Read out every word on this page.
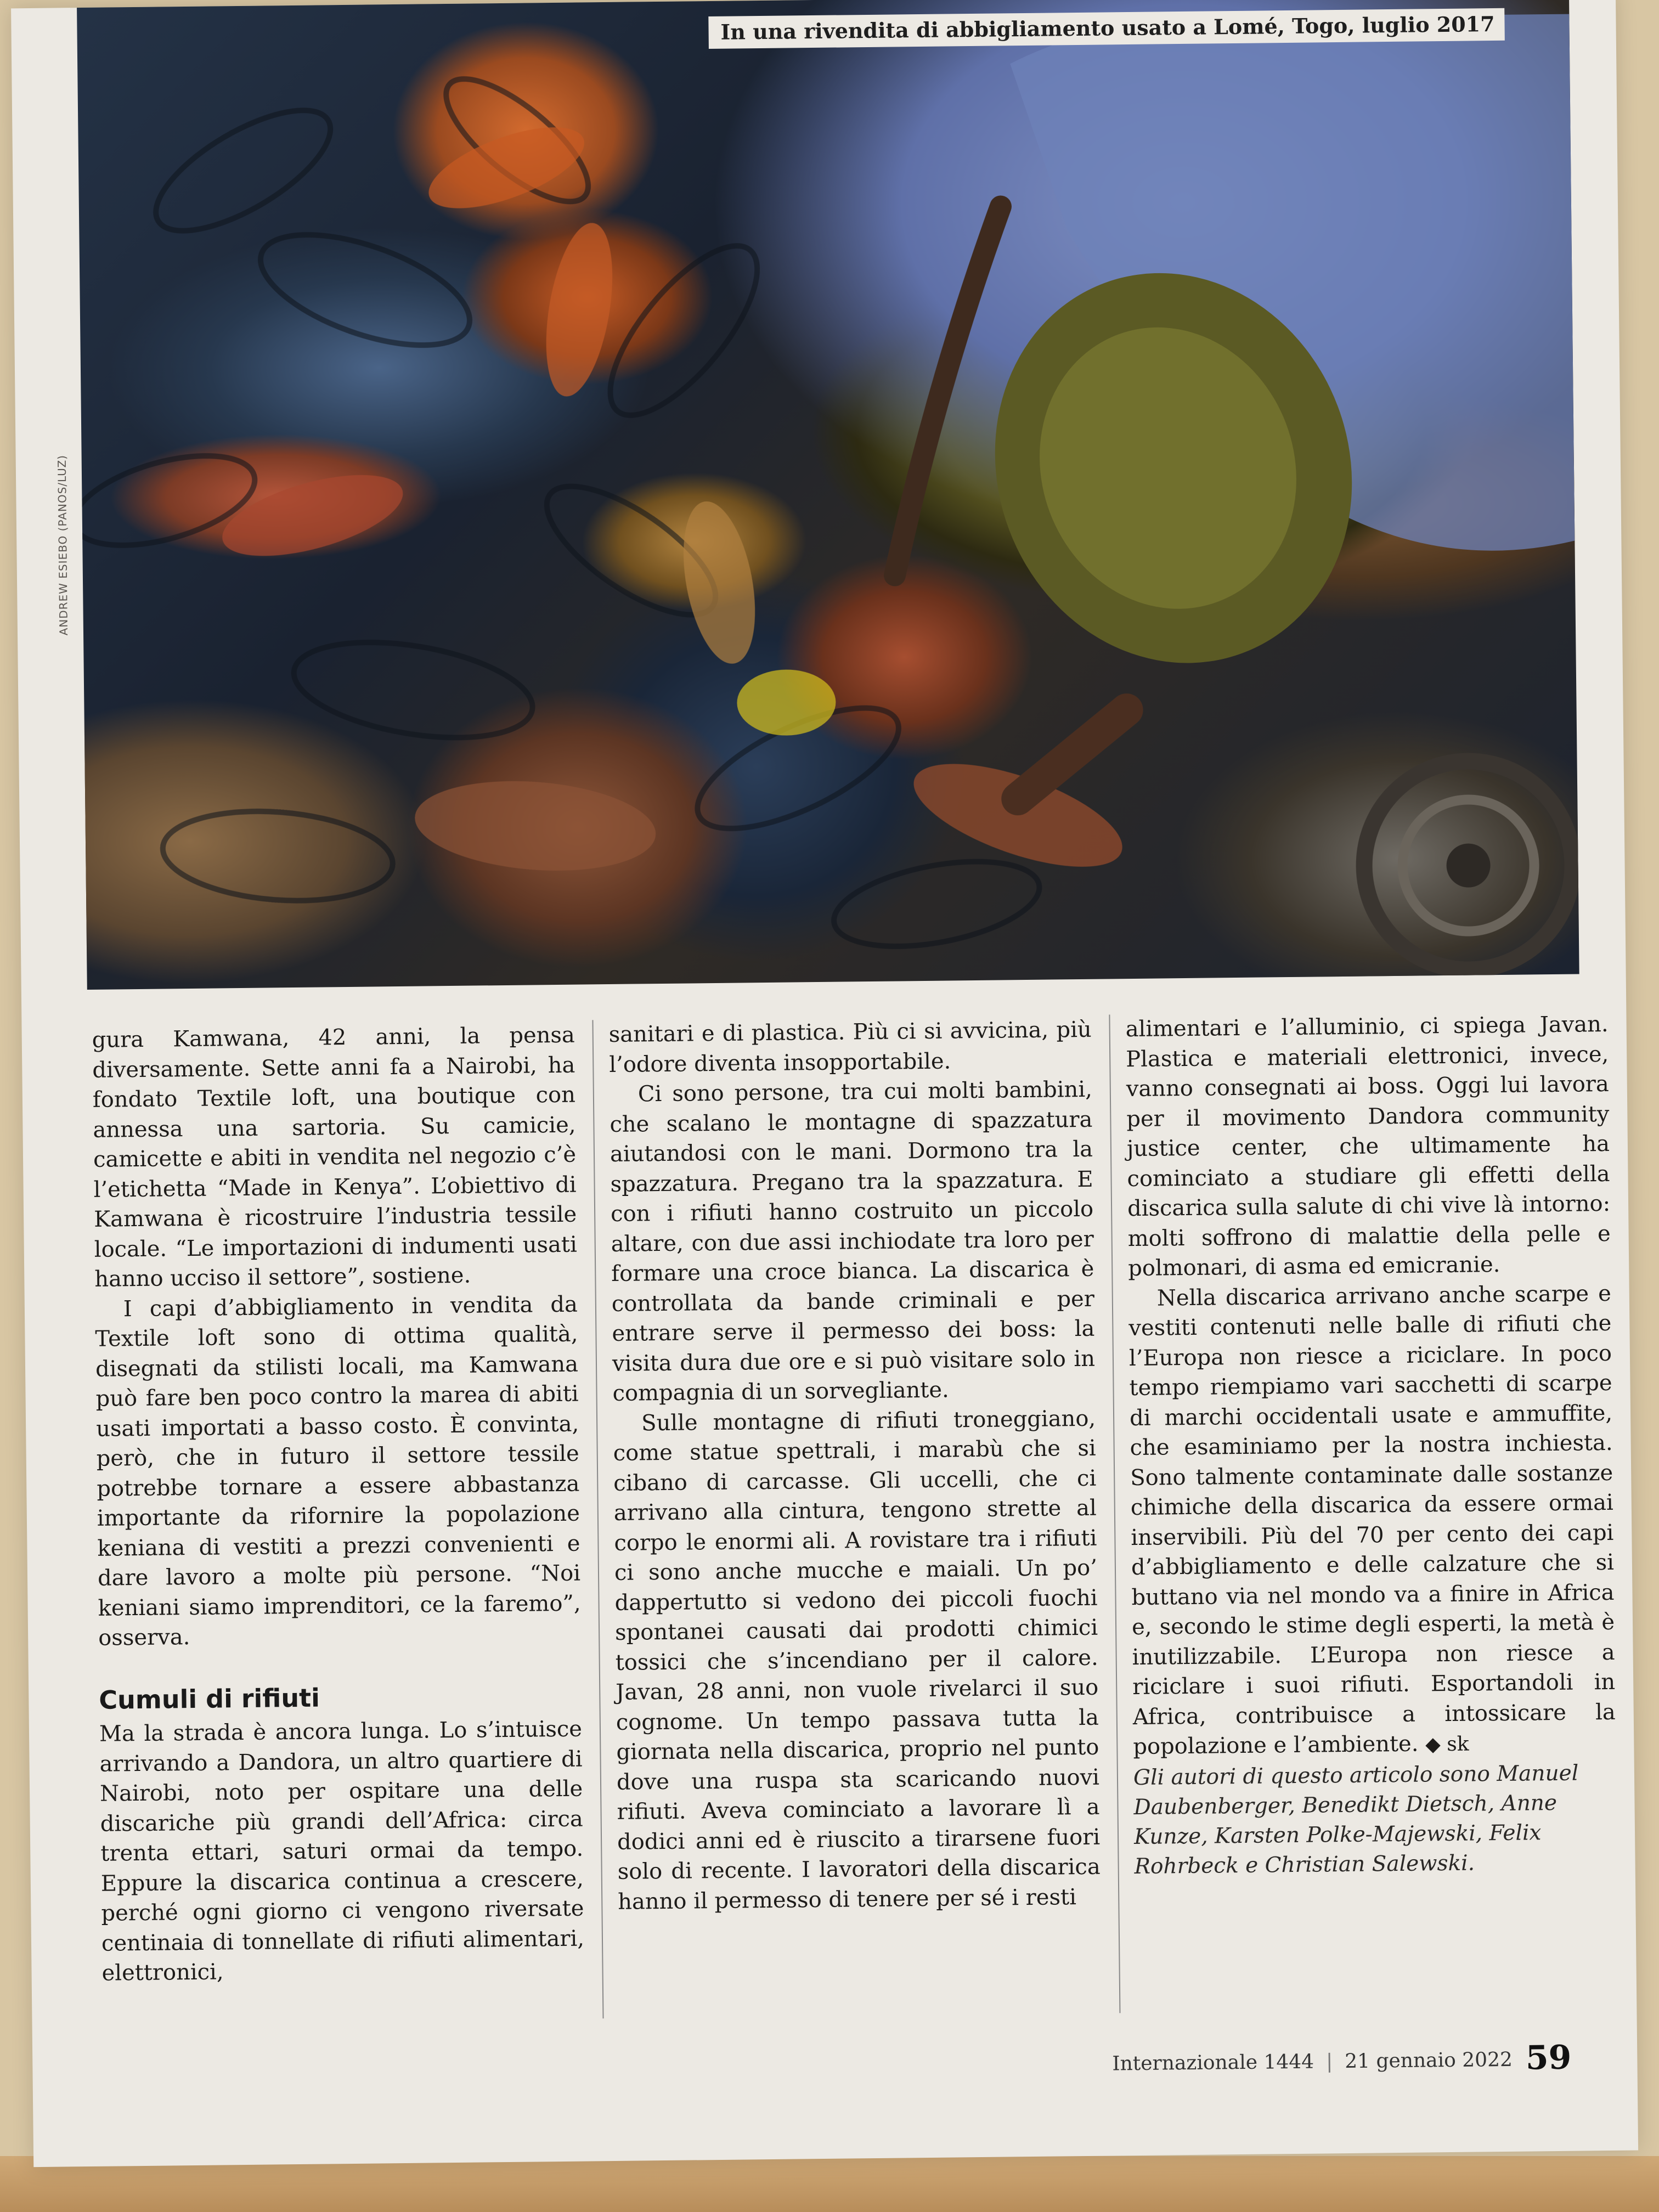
In una rivendita di abbigliamento usato a Lomé, Togo, luglio 2017
ANDREW ESIEBO (PANOS/LUZ)

gura Kamwana, 42 anni, la pensa diversamente. Sette anni fa a Nairobi, ha fondato Textile loft, una boutique con annessa una sartoria. Su camicie, camicette e abiti in vendita nel negozio c’è l’etichetta “Made in Kenya”. L’obiettivo di Kamwana è ricostruire l’industria tessile locale. “Le importazioni di indumenti usati hanno ucciso il settore”, sostiene.

I capi d’abbigliamento in vendita da Textile loft sono di ottima qualità, disegnati da stilisti locali, ma Kamwana può fare ben poco contro la marea di abiti usati importati a basso costo. È convinta, però, che in futuro il settore tessile potrebbe tornare a essere abbastanza importante da rifornire la popolazione keniana di vestiti a prezzi convenienti e dare lavoro a molte più persone. “Noi keniani siamo imprenditori, ce la faremo”, osserva.

Cumuli di rifiuti

Ma la strada è ancora lunga. Lo s’intuisce arrivando a Dandora, un altro quartiere di Nairobi, noto per ospitare una delle discariche più grandi dell’Africa: circa trenta ettari, saturi ormai da tempo. Eppure la discarica continua a crescere, perché ogni giorno ci vengono riversate centinaia di tonnellate di rifiuti alimentari, elettronici,

sanitari e di plastica. Più ci si avvicina, più l’odore diventa insopportabile.

Ci sono persone, tra cui molti bambini, che scalano le montagne di spazzatura aiutandosi con le mani. Dormono tra la spazzatura. Pregano tra la spazzatura. E con i rifiuti hanno costruito un piccolo altare, con due assi inchiodate tra loro per formare una croce bianca. La discarica è controllata da bande criminali e per entrare serve il permesso dei boss: la visita dura due ore e si può visitare solo in compagnia di un sorvegliante.

Sulle montagne di rifiuti troneggiano, come statue spettrali, i marabù che si cibano di carcasse. Gli uccelli, che ci arrivano alla cintura, tengono strette al corpo le enormi ali. A rovistare tra i rifiuti ci sono anche mucche e maiali. Un po’ dappertutto si vedono dei piccoli fuochi spontanei causati dai prodotti chimici tossici che s’incendiano per il calore. Javan, 28 anni, non vuole rivelarci il suo cognome. Un tempo passava tutta la giornata nella discarica, proprio nel punto dove una ruspa sta scaricando nuovi rifiuti. Aveva cominciato a lavorare lì a dodici anni ed è riuscito a tirarsene fuori solo di recente. I lavoratori della discarica hanno il permesso di tenere per sé i resti

alimentari e l’alluminio, ci spiega Javan. Plastica e materiali elettronici, invece, vanno consegnati ai boss. Oggi lui lavora per il movimento Dandora community justice center, che ultimamente ha cominciato a studiare gli effetti della discarica sulla salute di chi vive là intorno: molti soffrono di malattie della pelle e polmonari, di asma ed emicranie.

Nella discarica arrivano anche scarpe e vestiti contenuti nelle balle di rifiuti che l’Europa non riesce a riciclare. In poco tempo riempiamo vari sacchetti di scarpe di marchi occidentali usate e ammuffite, che esaminiamo per la nostra inchiesta. Sono talmente contaminate dalle sostanze chimiche della discarica da essere ormai inservibili. Più del 70 per cento dei capi d’abbigliamento e delle calzature che si buttano via nel mondo va a finire in Africa e, secondo le stime degli esperti, la metà è inutilizzabile. L’Europa non riesce a riciclare i suoi rifiuti. Esportandoli in Africa, contribuisce a intossicare la popolazione e l’ambiente. ◆ sk

Gli autori di questo articolo sono Manuel Daubenberger, Benedikt Dietsch, Anne Kunze, Karsten Polke-Majewski, Felix Rohrbeck e Christian Salewski.

Internazionale 1444 | 21 gennaio 2022 59
